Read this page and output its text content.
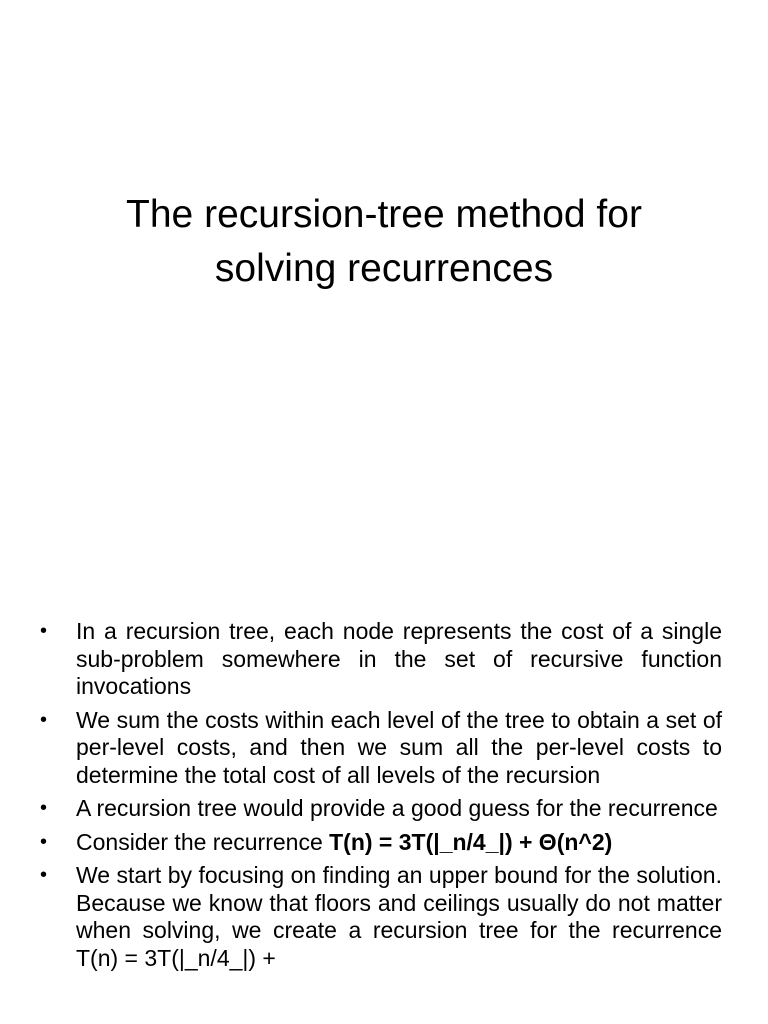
The recursion-tree method for solving recurrences
•	In a recursion tree, each node represents the cost of a single sub-problem somewhere in the set of recursive function invocations
•	We sum the costs within each level of the tree to obtain a set of per-level costs, and then we sum all the per-level costs to determine the total cost of all levels of the recursion
•	A recursion tree would provide a good guess for the recurrence
•	Consider the recurrence T(n) = 3T(|_n/4_|) + Θ(n^2)
•	We start by focusing on finding an upper bound for the solution. Because we know that floors and ceilings usually do not matter when solving, we create a recursion tree for the recurrence T(n) = 3T(|_n/4_|) +
